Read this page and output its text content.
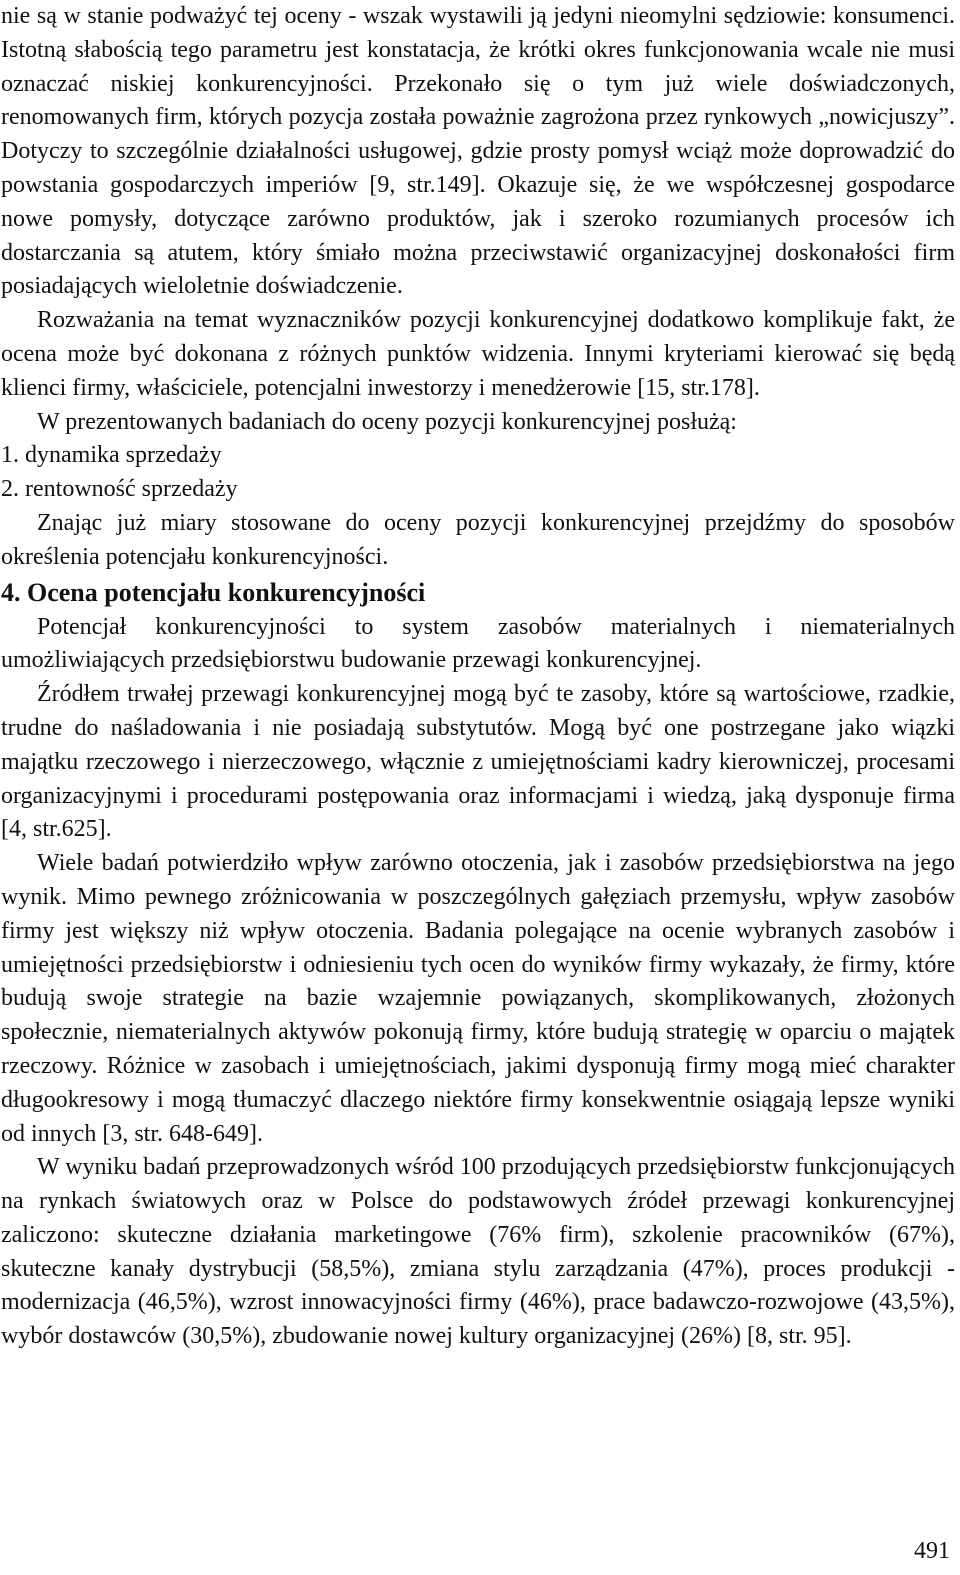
nie są w stanie podważyć tej oceny - wszak wystawili ją jedyni nieomylni sędziowie: konsumenci. Istotną słabością tego parametru jest konstatacja, że krótki okres funkcjonowania wcale nie musi oznaczać niskiej konkurencyjności. Przekonało się o tym już wiele doświadczonych, renomowanych firm, których pozycja została poważnie zagrożona przez rynkowych „nowicjuszy”. Dotyczy to szczególnie działalności usługowej, gdzie prosty pomysł wciąż może doprowadzić do powstania gospodarczych imperiów [9, str.149]. Okazuje się, że we współczesnej gospodarce nowe pomysły, dotyczące zarówno produktów, jak i szeroko rozumianych procesów ich dostarczania są atutem, który śmiało można przeciwstawić organizacyjnej doskonałości firm posiadających wieloletnie doświadczenie.

Rozważania na temat wyznaczników pozycji konkurencyjnej dodatkowo komplikuje fakt, że ocena może być dokonana z różnych punktów widzenia. Innymi kryteriami kierować się będą klienci firmy, właściciele, potencjalni inwestorzy i menedżerowie [15, str.178].

W prezentowanych badaniach do oceny pozycji konkurencyjnej posłużą:

1. dynamika sprzedaży

2. rentowność sprzedaży

Znając już miary stosowane do oceny pozycji konkurencyjnej przejdźmy do sposobów określenia potencjału konkurencyjności.

4. Ocena potencjału konkurencyjności

Potencjał konkurencyjności to system zasobów materialnych i niematerialnych umożliwiających przedsiębiorstwu budowanie przewagi konkurencyjnej.

Źródłem trwałej przewagi konkurencyjnej mogą być te zasoby, które są wartościowe, rzadkie, trudne do naśladowania i nie posiadają substytutów. Mogą być one postrzegane jako wiązki majątku rzeczowego i nierzeczowego, włącznie z umiejętnościami kadry kierowniczej, procesami organizacyjnymi i procedurami postępowania oraz informacjami i wiedzą, jaką dysponuje firma [4, str.625].

Wiele badań potwierdziło wpływ zarówno otoczenia, jak i zasobów przedsiębiorstwa na jego wynik. Mimo pewnego zróżnicowania w poszczególnych gałęziach przemysłu, wpływ zasobów firmy jest większy niż wpływ otoczenia. Badania polegające na ocenie wybranych zasobów i umiejętności przedsiębiorstw i odniesieniu tych ocen do wyników firmy wykazały, że firmy, które budują swoje strategie na bazie wzajemnie powiązanych, skomplikowanych, złożonych społecznie, niematerialnych aktywów pokonują firmy, które budują strategię w oparciu o majątek rzeczowy. Różnice w zasobach i umiejętnościach, jakimi dysponują firmy mogą mieć charakter długookresowy i mogą tłumaczyć dlaczego niektóre firmy konsekwentnie osiągają lepsze wyniki od innych [3, str. 648-649].

W wyniku badań przeprowadzonych wśród 100 przodujących przedsiębiorstw funkcjonujących na rynkach światowych oraz w Polsce do podstawowych źródeł przewagi konkurencyjnej zaliczono: skuteczne działania marketingowe (76% firm), szkolenie pracowników (67%), skuteczne kanały dystrybucji (58,5%), zmiana stylu zarządzania (47%), proces produkcji - modernizacja (46,5%), wzrost innowacyjności firmy (46%), prace badawczo-rozwojowe (43,5%), wybór dostawców (30,5%), zbudowanie nowej kultury organizacyjnej (26%) [8, str. 95].

491
